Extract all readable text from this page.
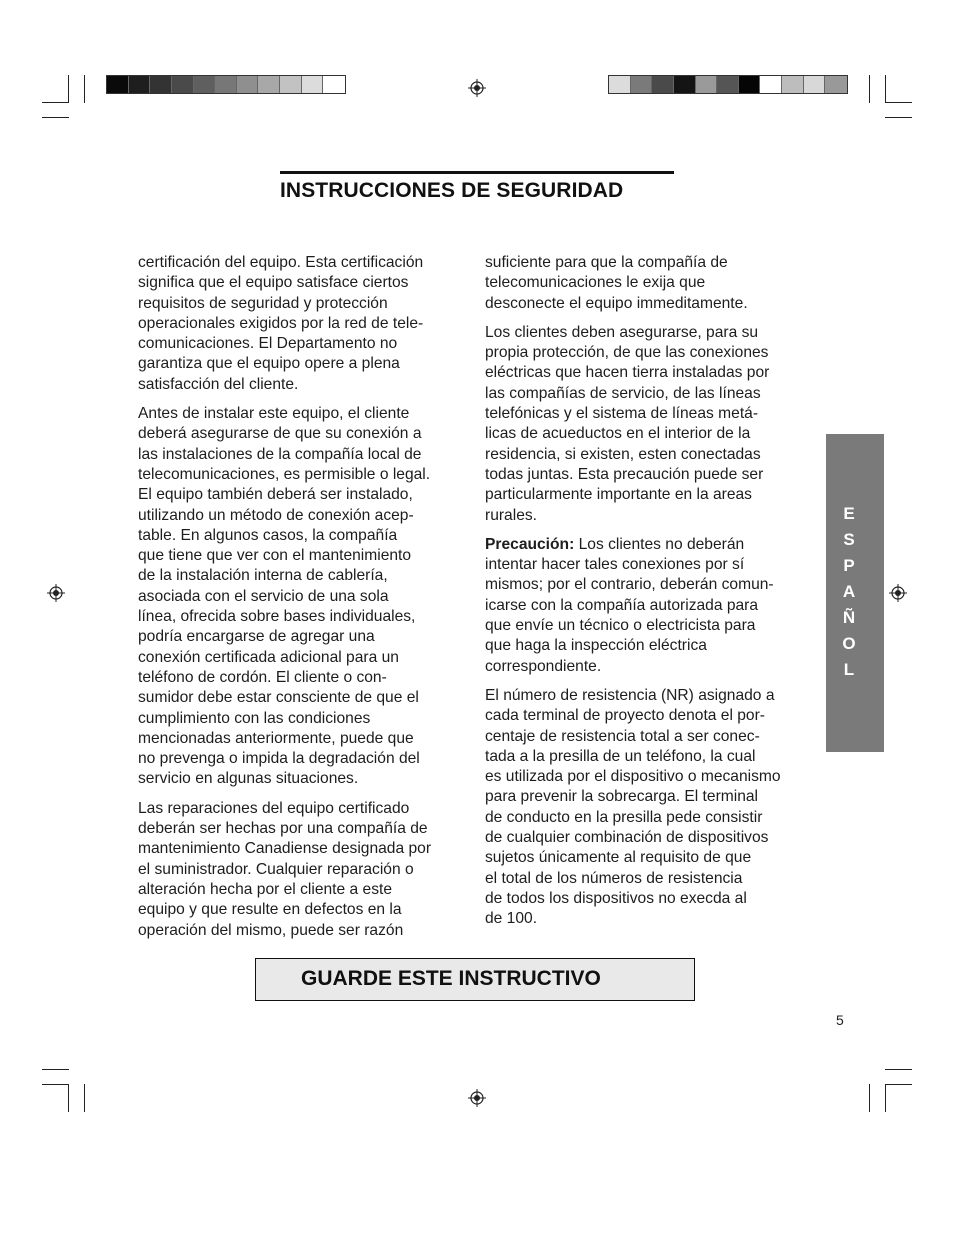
INSTRUCCIONES DE SEGURIDAD

certificación del equipo. Esta certificación
significa que el equipo satisface ciertos
requisitos de seguridad y protección
operacionales exigidos por la red de tele-
comunicaciones. El Departamento no
garantiza que el equipo opere a plena
satisfacción del cliente.

Antes de instalar este equipo, el cliente
deberá asegurarse de que su conexión a
las instalaciones de la compañía local de
telecomunicaciones, es permisible o legal.
El equipo también deberá ser instalado,
utilizando un método de conexión acep-
table. En algunos casos, la compañía
que tiene que ver con el mantenimiento
de la instalación interna de cablería,
asociada con el servicio de una sola
línea, ofrecida sobre bases individuales,
podría encargarse de agregar una
conexión certificada adicional para un
teléfono de cordón. El cliente o con-
sumidor debe estar consciente de que el
cumplimiento con las condiciones
mencionadas anteriormente, puede que
no prevenga o impida la degradación del
servicio en algunas situaciones.

Las reparaciones del equipo certificado
deberán ser hechas por una compañía de
mantenimiento Canadiense designada por
el suministrador. Cualquier reparación o
alteración hecha por el cliente a este
equipo y que resulte en defectos en la
operación del mismo, puede ser razón

suficiente para que la compañía de
telecomunicaciones le exija que
desconecte el equipo immeditamente.

Los clientes deben asegurarse, para su
propia protección, de que las conexiones
eléctricas que hacen tierra instaladas por
las compañías de servicio, de las líneas
telefónicas y el sistema de líneas metá-
licas de acueductos en el interior de la
residencia, si existen, esten conectadas
todas juntas. Esta precaución puede ser
particularmente importante en la areas
rurales.

Precaución: Los clientes no deberán
intentar hacer tales conexiones por sí
mismos; por el contrario, deberán comun-
icarse con la compañía autorizada para
que envíe un técnico o electricista para
que haga la inspección eléctrica
correspondiente.

El número de resistencia (NR) asignado a
cada terminal de proyecto denota el por-
centaje de resistencia total a ser conec-
tada a la presilla de un teléfono, la cual
es utilizada por el dispositivo o mecanismo
para prevenir la sobrecarga. El terminal
de conducto en la presilla pede consistir
de cualquier combinación de dispositivos
sujetos únicamente al requisito de que
el total de los números de resistencia
de todos los dispositivos no execda al
de 100.

E
S
P
A
Ñ
O
L
GUARDE ESTE INSTRUCTIVO
5
